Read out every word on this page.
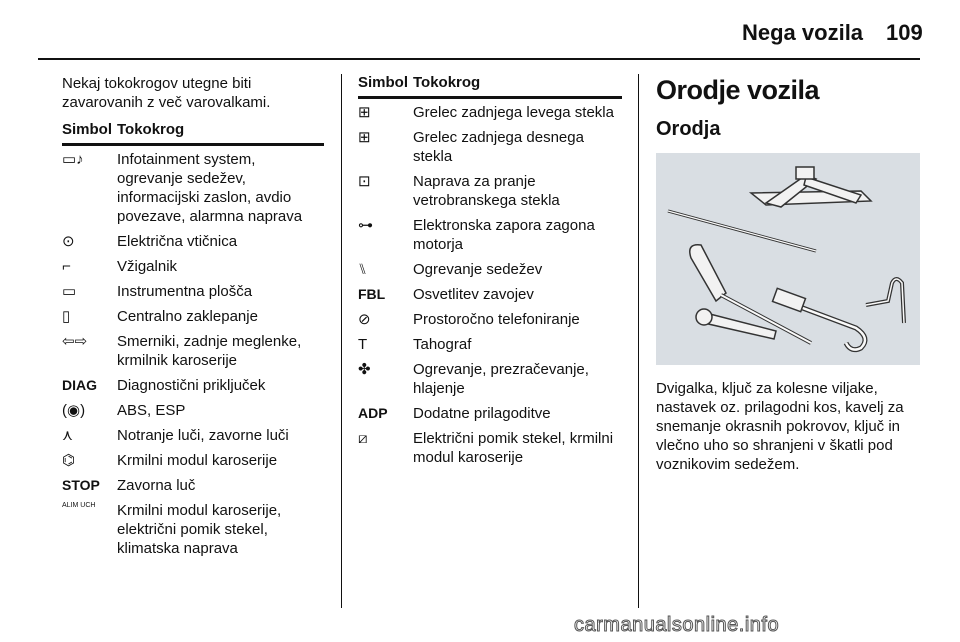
Nega vozila 109

Nekaj tokokrogov utegne biti zavarovanih z več varovalkami.

Simbol Tokokrog
▭♪	Infotainment system, ogrevanje sedežev, informacijski zaslon, avdio povezave, alarmna naprava
⊙	Električna vtičnica
⌐	Vžigalnik
▭	Instrumentna plošča
▯	Centralno zaklepanje
⇦⇨	Smerniki, zadnje meglenke, krmilnik karoserije
DIAG	Diagnostični priključek
(◉)	ABS, ESP
⋏	Notranje luči, zavorne luči
⌬	Krmilni modul karoserije
STOP	Zavorna luč
ALIM UCH	Krmilni modul karoserije, električni pomik stekel, klimatska naprava
Simbol Tokokrog
⊞	Grelec zadnjega levega stekla
⊞	Grelec zadnjega desnega stekla
⊡	Naprava za pranje vetrobranskega stekla
⊶	Elektronska zapora zagona motorja
⑊	Ogrevanje sedežev
FBL	Osvetlitev zavojev
⊘	Prostoročno telefoniranje
T	Tahograf
✤	Ogrevanje, prezračevanje, hlajenje
ADP	Dodatne prilagoditve
⧄	Električni pomik stekel, krmilni modul karoserije
Orodje vozila
Orodja
Dvigalka, ključ za kolesne viljake, nastavek oz. prilagodni kos, kavelj za snemanje okrasnih pokrovov, ključ in vlečno uho so shranjeni v škatli pod voznikovim sedežem.
carmanualsonline.info
